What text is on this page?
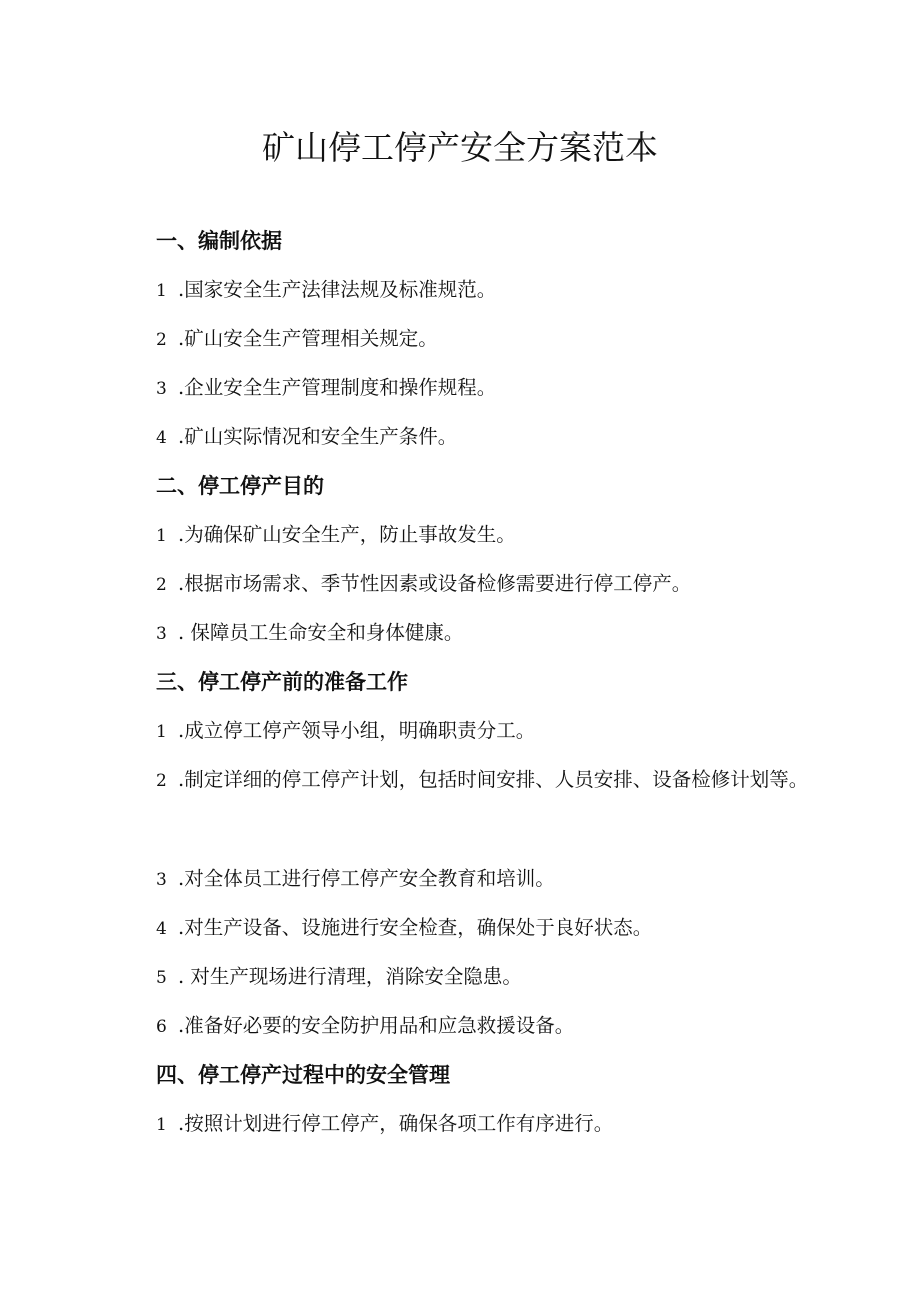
矿山停工停产安全方案范本
一、编制依据

1 .国家安全生产法律法规及标准规范。

2 .矿山安全生产管理相关规定。

3 .企业安全生产管理制度和操作规程。

4 .矿山实际情况和安全生产条件。

二、停工停产目的

1 .为确保矿山安全生产，防止事故发生。

2 .根据市场需求、季节性因素或设备检修需要进行停工停产。

3 . 保障员工生命安全和身体健康。

三、停工停产前的准备工作

1 .成立停工停产领导小组，明确职责分工。

2 .制定详细的停工停产计划，包括时间安排、人员安排、设备检修计划等。

3 .对全体员工进行停工停产安全教育和培训。

4 .对生产设备、设施进行安全检查，确保处于良好状态。

5 . 对生产现场进行清理，消除安全隐患。

6 .准备好必要的安全防护用品和应急救援设备。

四、停工停产过程中的安全管理

1 .按照计划进行停工停产，确保各项工作有序进行。
